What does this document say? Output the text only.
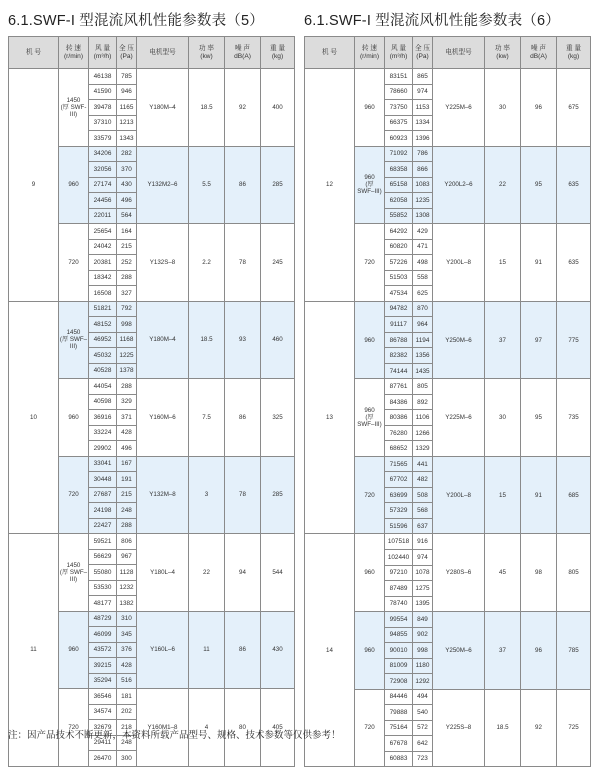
6.1.SWF-I 型混流风机性能参数表（5）	6.1.SWF-I 型混流风机性能参数表（6）
机 号	转 速
(r/min)	风 量
(m³/h)	全 压
(Pa)	电机型号	功 率
(kw)	噪 声
dB(A)	重 量
(kg)
9	1450
(厚 SWF-
III)	46138	785	Y180M–4	18.5	92	400
		41590	946				
		39478	1165				
		37310	1213				
		33579	1343				
	960	34206	282	Y132M2–6	5.5	86	285
		32056	370				
		27174	430				
		24456	496				
		22011	564				
	720	25654	164	Y132S–8	2.2	78	245
		24042	215				
		20381	252				
		18342	288				
		16508	327				
10	1450
(厚 SWF–
III)	51821	792	Y180M–4	18.5	93	460
		48152	998				
		46952	1168				
		45032	1225				
		40528	1378				
	960	44054	288	Y160M–6	7.5	86	325
		40598	329				
		36916	371				
		33224	428				
		29902	496				
	720	33041	167	Y132M–8	3	78	285
		30448	191				
		27687	215				
		24198	248				
		22427	288				
11	1450
(厚 SWF–
III)	59521	806	Y180L–4	22	94	544
		56629	967				
		55080	1128				
		53530	1232				
		48177	1382				
	960	48729	310	Y160L–6	11	86	430
		46099	345				
		43572	376				
		39215	428				
		35294	516				
	720	36546	181	Y160M1–8	4	80	405
		34574	202				
		32679	218				
		29411	248				
		26470	300				
机 号	转 速
(r/min)	风 量
(m³/h)	全 压
(Pa)	电机型号	功 率
(kw)	噪 声
dB(A)	重 量
(kg)
12	960	83151	865	Y225M–6	30	96	675
		78660	974				
		73750	1153				
		66375	1334				
		60923	1396				
	960
(厚
SWF–III)	71092	786	Y200L2–6	22	95	635
		68358	866				
		65158	1083				
		62058	1235				
		55852	1308				
	720	64292	429	Y200L–8	15	91	635
		60820	471				
		57226	498				
		51503	558				
		47534	625				
13	960	94782	870	Y250M–6	37	97	775
		91117	964				
		86788	1194				
		82382	1356				
		74144	1435				
	960
(厚
SWF–III)	87761	805	Y225M–6	30	95	735
		84386	892				
		80386	1106				
		76280	1266				
		68652	1329				
	720	71565	441	Y200L–8	15	91	685
		67702	482				
		63699	508				
		57329	568				
		51596	637				
14	960	107518	916	Y280S–6	45	98	805
		102440	974				
		97210	1078				
		87489	1275				
		78740	1395				
	960	99554	849	Y250M–6	37	96	785
		94855	902				
		90010	998				
		81009	1180				
		72908	1292				
	720	84446	494	Y225S–8	18.5	92	725
		79888	540				
		75164	572				
		67678	642				
		60883	723				
注：因产品技术不断更新，本资料所载产品型号、规格、技术参数等仅供参考！
